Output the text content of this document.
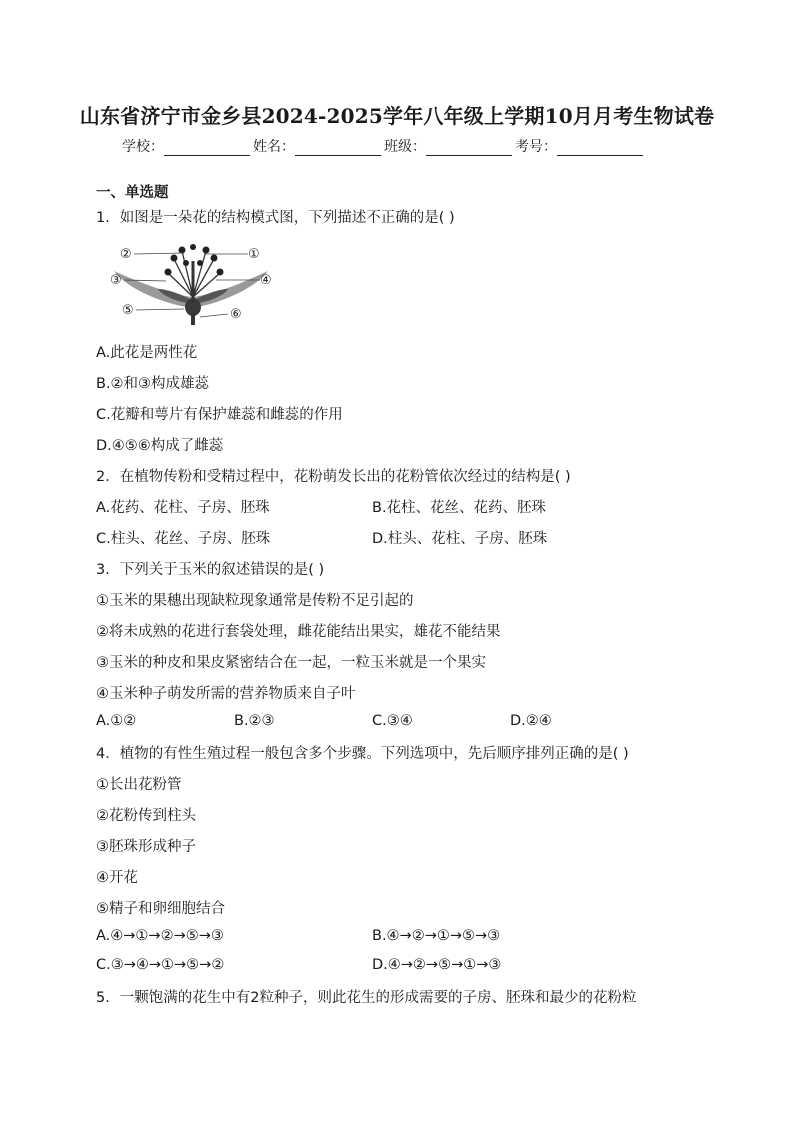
山东省济宁市金乡县2024-2025学年八年级上学期10月月考生物试卷
学校：	姓名：	班级：	考号：
一、单选题
1．如图是一朵花的结构模式图，下列描述不正确的是( )
②	①
③	④
⑤	⑥
A.此花是两性花
B.②和③构成雄蕊
C.花瓣和萼片有保护雄蕊和雌蕊的作用
D.④⑤⑥构成了雌蕊
2．在植物传粉和受精过程中，花粉萌发长出的花粉管依次经过的结构是( )
A.花药、花柱、子房、胚珠	B.花柱、花丝、花药、胚珠
C.柱头、花丝、子房、胚珠	D.柱头、花柱、子房、胚珠
3．下列关于玉米的叙述错误的是( )
①玉米的果穗出现缺粒现象通常是传粉不足引起的
②将未成熟的花进行套袋处理，雌花能结出果实，雄花不能结果
③玉米的种皮和果皮紧密结合在一起，一粒玉米就是一个果实
④玉米种子萌发所需的营养物质来自子叶
A.①②	B.②③	C.③④	D.②④
4．植物的有性生殖过程一般包含多个步骤。下列选项中，先后顺序排列正确的是( )
①长出花粉管
②花粉传到柱头
③胚珠形成种子
④开花
⑤精子和卵细胞结合
A.④→①→②→⑤→③	B.④→②→①→⑤→③
C.③→④→①→⑤→②	D.④→②→⑤→①→③
5．一颗饱满的花生中有2粒种子，则此花生的形成需要的子房、胚珠和最少的花粉粒
